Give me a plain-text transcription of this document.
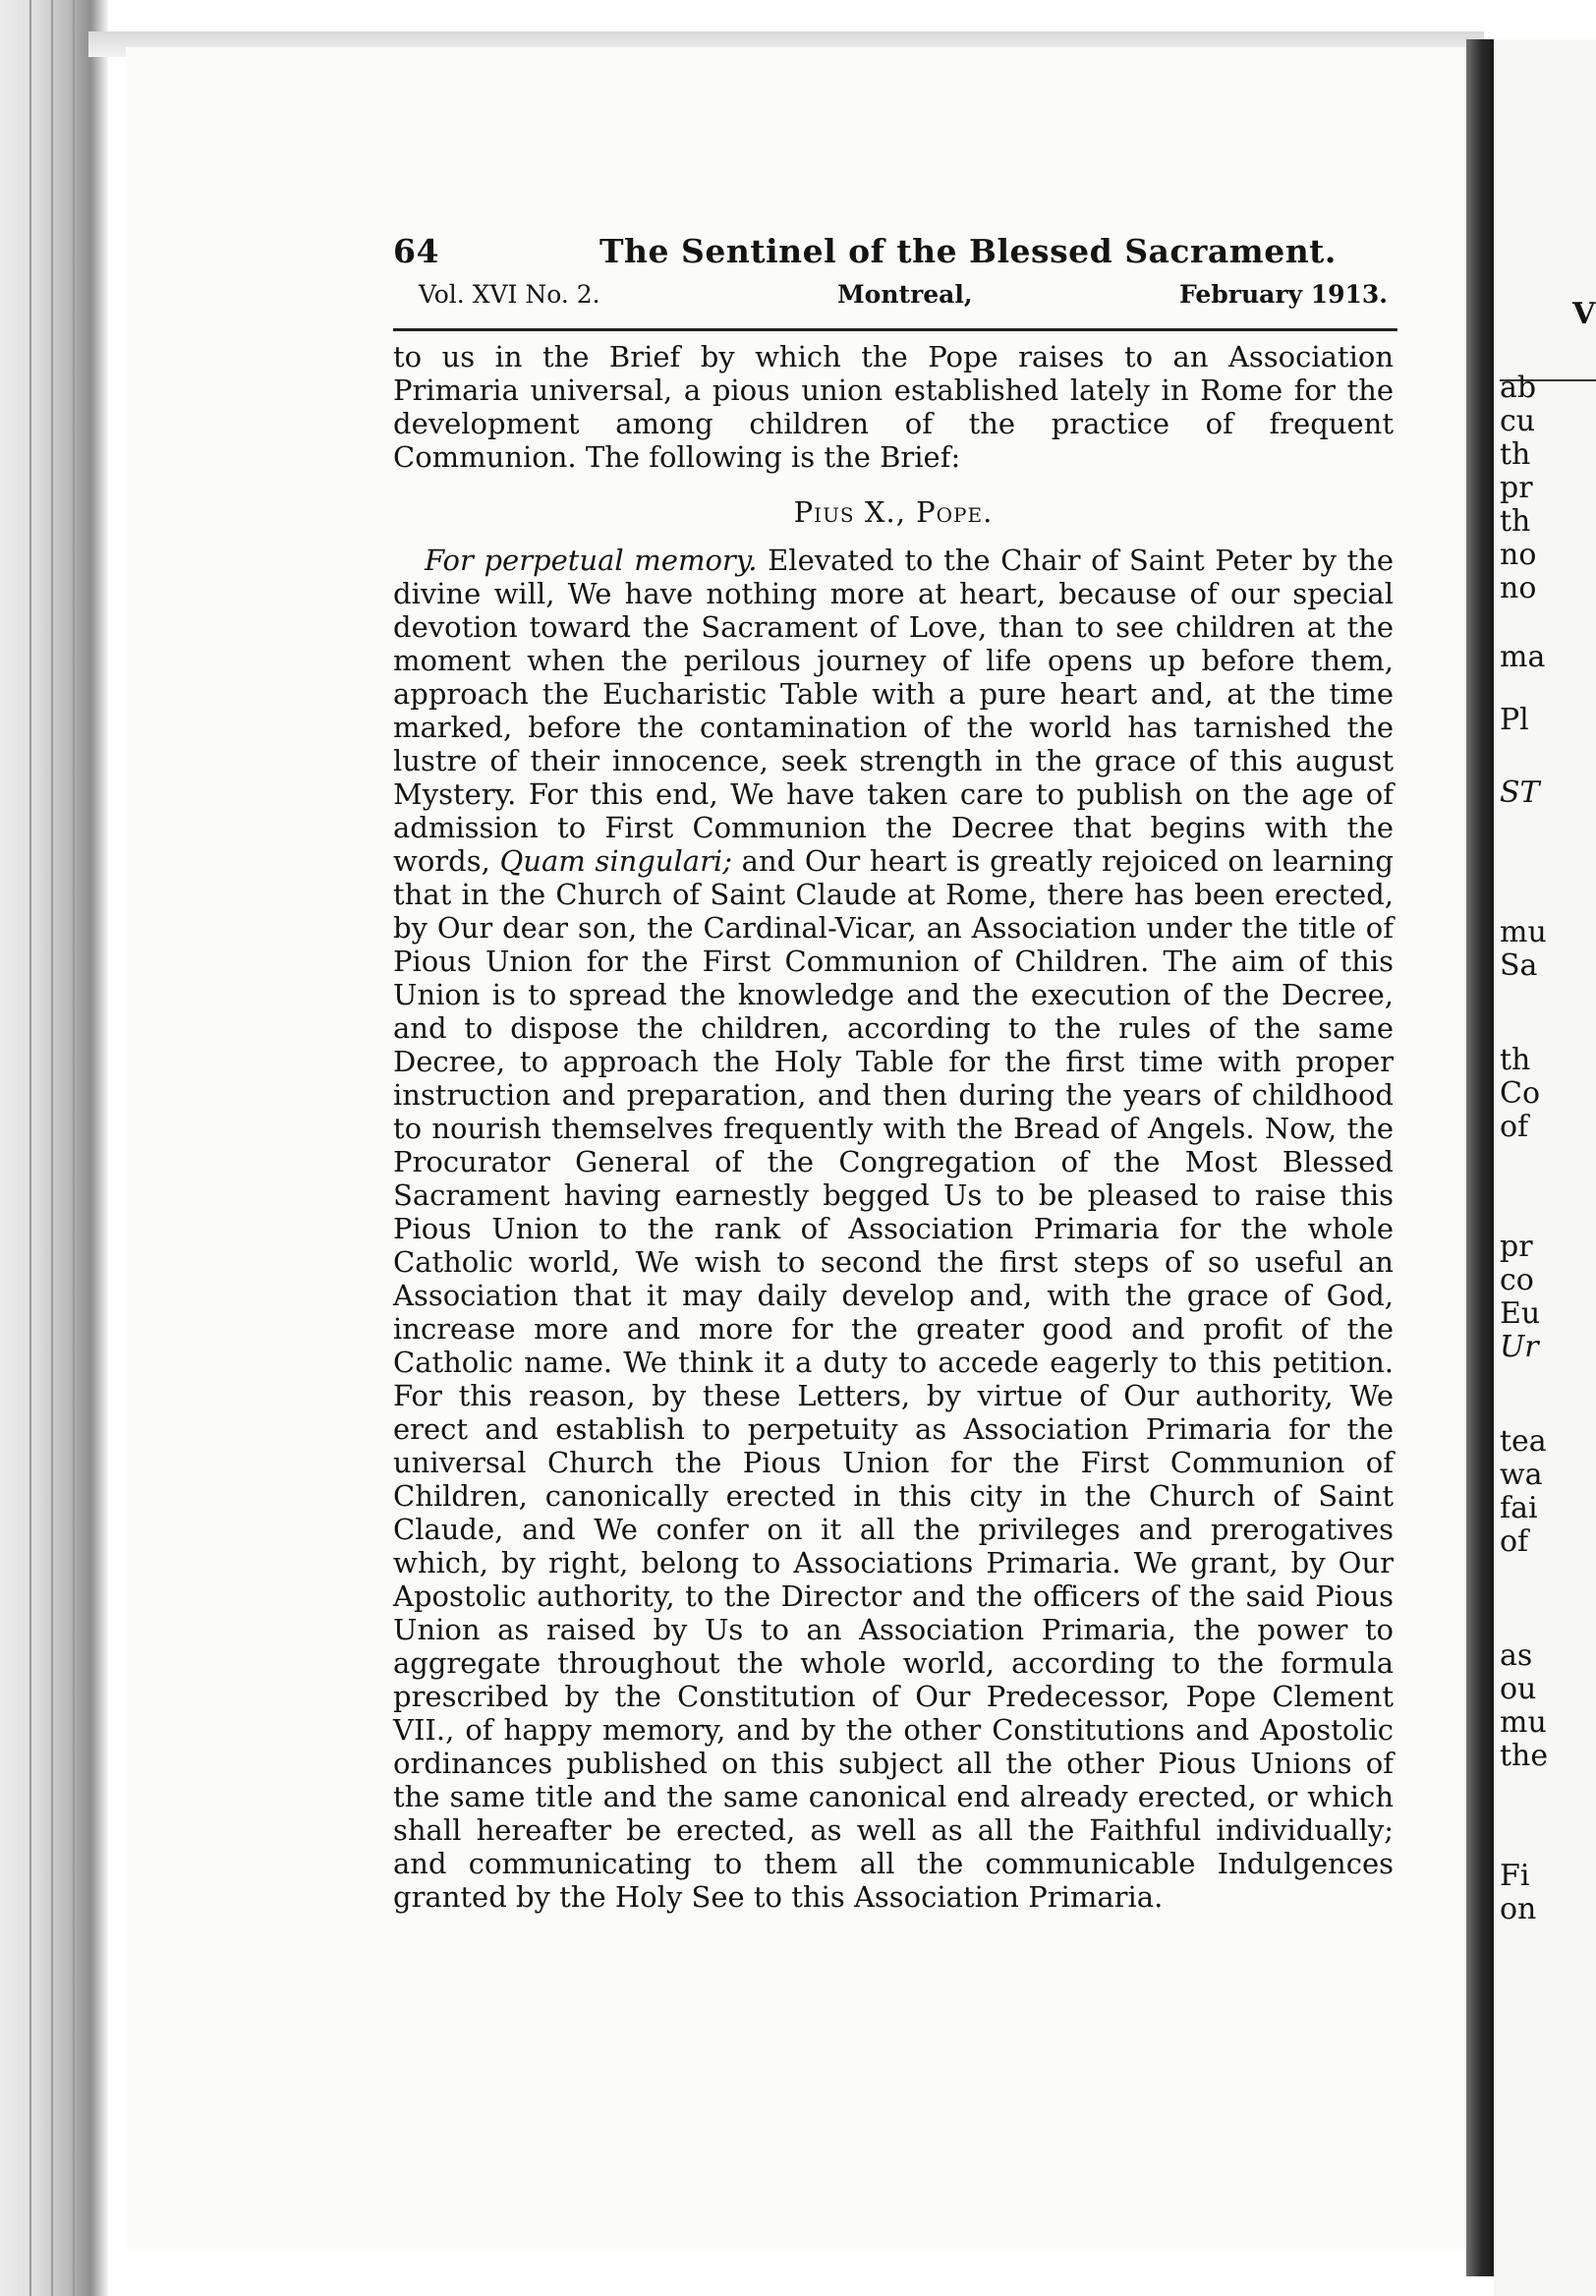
V
ab
cu
th
pr
th
no
no
ma
Pl
ST
mu
Sa
th
Co
of
pr
co
Eu
Ur
tea
wa
fai
of
as
ou
mu
the
Fi
on
64	The Sentinel of the Blessed Sacrament.
Vol. XVI No. 2.	Montreal,	February 1913.

to us in the Brief by which the Pope raises to an Association Primaria universal, a pious union established lately in Rome for the development among children of the practice of frequent Communion. The following is the Brief:

Pius X., Pope.

For perpetual memory. Elevated to the Chair of Saint Peter by the divine will, We have nothing more at heart, because of our special devotion toward the Sacrament of Love, than to see children at the moment when the perilous journey of life opens up before them, approach the Eucharistic Table with a pure heart and, at the time marked, before the contamination of the world has tarnished the lustre of their innocence, seek strength in the grace of this august Mystery. For this end, We have taken care to publish on the age of admission to First Communion the Decree that begins with the words, Quam singulari; and Our heart is greatly rejoiced on learning that in the Church of Saint Claude at Rome, there has been erected, by Our dear son, the Cardinal-Vicar, an Association under the title of Pious Union for the First Communion of Children. The aim of this Union is to spread the knowledge and the execution of the Decree, and to dispose the children, according to the rules of the same Decree, to approach the Holy Table for the first time with proper instruction and preparation, and then during the years of childhood to nourish themselves frequently with the Bread of Angels. Now, the Procurator General of the Congregation of the Most Blessed Sacrament having earnestly begged Us to be pleased to raise this Pious Union to the rank of Association Primaria for the whole Catholic world, We wish to second the first steps of so useful an Association that it may daily develop and, with the grace of God, increase more and more for the greater good and profit of the Catholic name. We think it a duty to accede eagerly to this petition. For this reason, by these Letters, by virtue of Our authority, We erect and establish to perpetuity as Association Primaria for the universal Church the Pious Union for the First Communion of Children, canonically erected in this city in the Church of Saint Claude, and We confer on it all the privileges and prerogatives which, by right, belong to Associations Primaria. We grant, by Our Apostolic authority, to the Director and the officers of the said Pious Union as raised by Us to an Association Primaria, the power to aggregate throughout the whole world, according to the formula prescribed by the Constitution of Our Predecessor, Pope Clement VII., of happy memory, and by the other Constitutions and Apostolic ordinances published on this subject all the other Pious Unions of the same title and the same canonical end already erected, or which shall hereafter be erected, as well as all the Faithful individually; and communicating to them all the communicable Indulgences granted by the Holy See to this Association Primaria.
